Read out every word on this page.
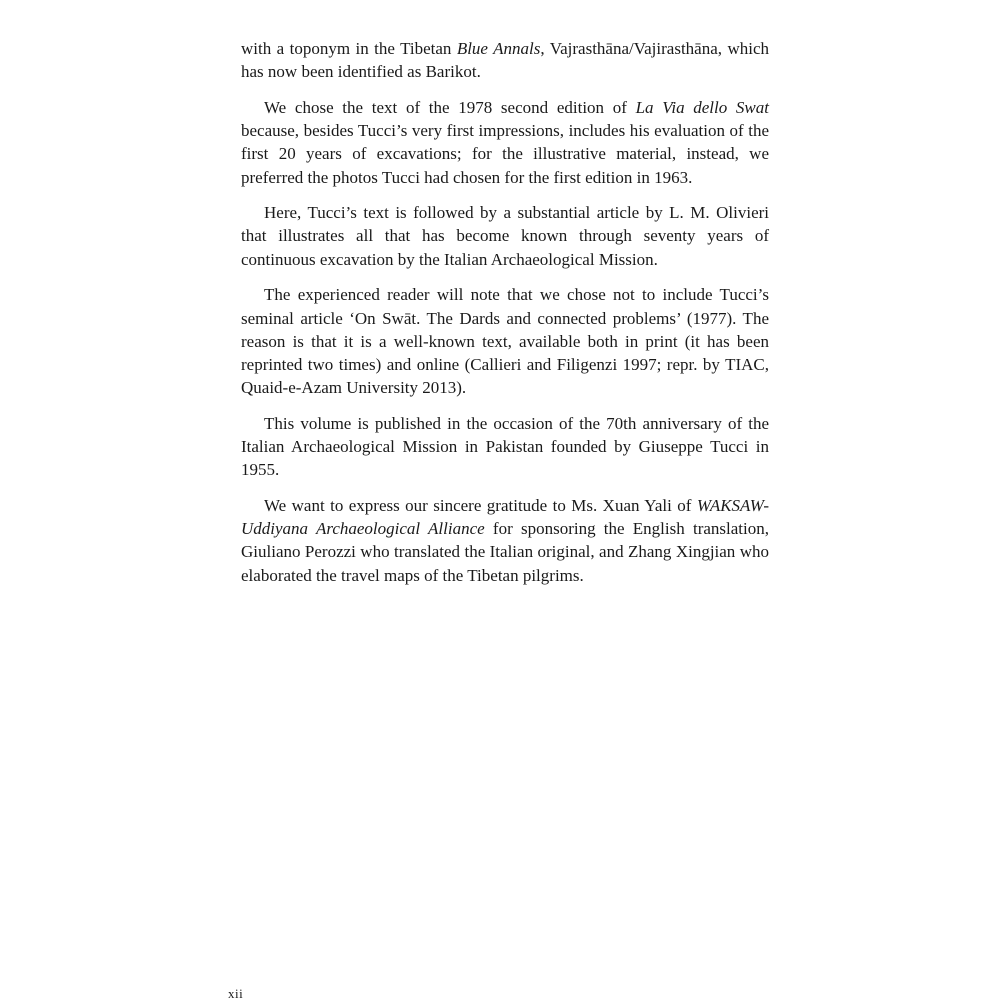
with a toponym in the Tibetan Blue Annals, Vajrasthāna/Vajirasthāna, which has now been identified as Barikot.

We chose the text of the 1978 second edition of La Via dello Swat because, besides Tucci’s very first impressions, includes his evaluation of the first 20 years of excavations; for the illustrative material, instead, we preferred the photos Tucci had chosen for the first edition in 1963.

Here, Tucci’s text is followed by a substantial article by L. M. Olivieri that illustrates all that has become known through seventy years of continuous excavation by the Italian Archaeological Mission.

The experienced reader will note that we chose not to include Tucci’s seminal article ‘On Swāt. The Dards and connected problems’ (1977). The reason is that it is a well-known text, available both in print (it has been reprinted two times) and online (Callieri and Filigenzi 1997; repr. by TIAC, Quaid-e-Azam University 2013).

This volume is published in the occasion of the 70th anniversary of the Italian Archaeological Mission in Pakistan founded by Giuseppe Tucci in 1955.

We want to express our sincere gratitude to Ms. Xuan Yali of WAKSAW-Uddiyana Archaeological Alliance for sponsoring the English translation, Giuliano Perozzi who translated the Italian original, and Zhang Xingjian who elaborated the travel maps of the Tibetan pilgrims.

xii
